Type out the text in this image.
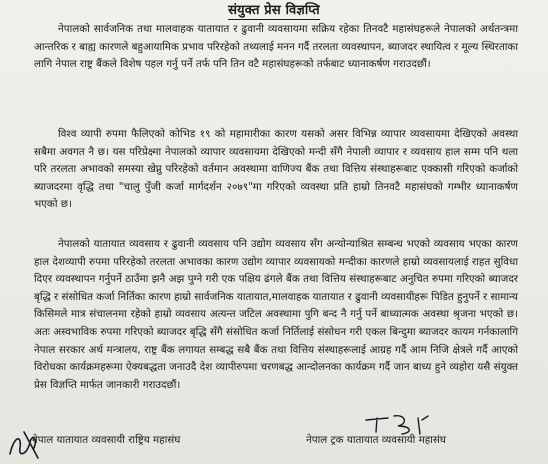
संयुक्त प्रेस विज्ञप्ति
नेपालको सार्वजनिक तथा मालवाहक यातायात र ढुवानी व्यवसायमा सक्रिय रहेका तिनवटै महासंघहरूले नेपालको अर्थतन्त्रमा आन्तरिक र बाह्य कारणले बहुआयामिक प्रभाव परिरहेको तथ्यलाई मनन गर्दै तरलता व्यवस्थापन, ब्याजदर स्थायित्व र मूल्य स्थिरताका लागि नेपाल राष्ट्र बैंकले विशेष पहल गर्नु पर्ने तर्फ पनि तिन वटै महासंघहरूको तर्फबाट ध्यानाकर्षण गराउदछौं।
विश्व व्यापी रुपमा फैलिएको कोभिड १९ को महामारीका कारण यसको असर विभिन्न व्यापार व्यवसायमा देखिएको अवस्था सबैमा अवगत नै छ। यस परिप्रेक्ष्मा नेपालको व्यापार व्यवसायमा देखिएको मन्दी सँगै नेपाली व्यापार र व्यवसाय हाल सम्म पनि थला परि तरलता अभावको समस्या खेप्नु परिरहेको वर्तमान अवस्थामा वाणिज्य बैंक तथा वित्तिय संस्थाहरूबाट एक्कासी गरिएको कर्जाको ब्याजदरमा वृद्धि तथा "चालु पुँजी कर्जा मार्गदर्शन २०७९"मा गरिएको व्यवस्था प्रति हाम्रो तिनवटै महासंघको गम्भीर ध्यानाकर्षण भएको छ।
नेपालको यातायात व्यवसाय र ढुवानी व्यवसाय पनि उद्योग व्यवसाय सँग अन्योन्याश्रित सम्बन्ध भएको व्यवसाय भएका कारण हाल देशव्यापी रुपमा परिरहेको तरलता अभावका कारण उद्योग व्यापार व्यवसायको मन्दीका कारणले हाम्रो व्यवसायलाई राहत सुविधा दिएर व्यवस्थापन गर्नुपर्ने ठाउँमा झनै अझ पुग्ने गरी एक पक्षिय ढंगले बैंक तथा वित्तिय संस्थाहरूबाट अनुचित रुपमा गरिएको ब्याजदर बृद्धि र संसोधित कर्जा निर्तिका कारण हाम्रो सार्वजनिक यातायात,मालवाहक यातायात र ढुवानी व्यवसायीहरू पिडित हुनुपर्ने र सामान्य किसिमले मात्र संचालनमा रहेको हाम्रो व्यवसाय अत्यन्त जटिल अवस्थामा पुगि बन्द नै गर्नु पर्ने बाध्यात्मक अवस्था श्रृजना भएको छ। अतः अस्वभाविक रुपमा गरिएको ब्याजदर बृद्धि सँगै संसोधित कर्जा निर्तिलाई संसोधन गरी एकल बिन्दुमा ब्याजदर कायम गर्नकालागि नेपाल सरकार अर्थ मन्त्रालय, राष्ट्र बैंक लगायत सम्बद्ध सबै बैंक तथा वित्तिय संस्थाहरूलाई आग्रह गर्दै आम निजि क्षेत्रले गर्दै आएको विरोधका कार्यक्रमहरूमा ऐक्यबद्धता जनाउदै देश व्यापीरुपमा चरणबद्ध आन्दोलनका कार्यक्रम गर्दै जान बाध्य हुने व्यहोरा यसै संयुक्त प्रेस विज्ञप्ति मार्फत जानकारी गराउदछौं।
नेपाल यातायात व्यवसायी राष्ट्रिय महासंघ	नेपाल ट्रक यातायात व्यवसायी महासंघ
